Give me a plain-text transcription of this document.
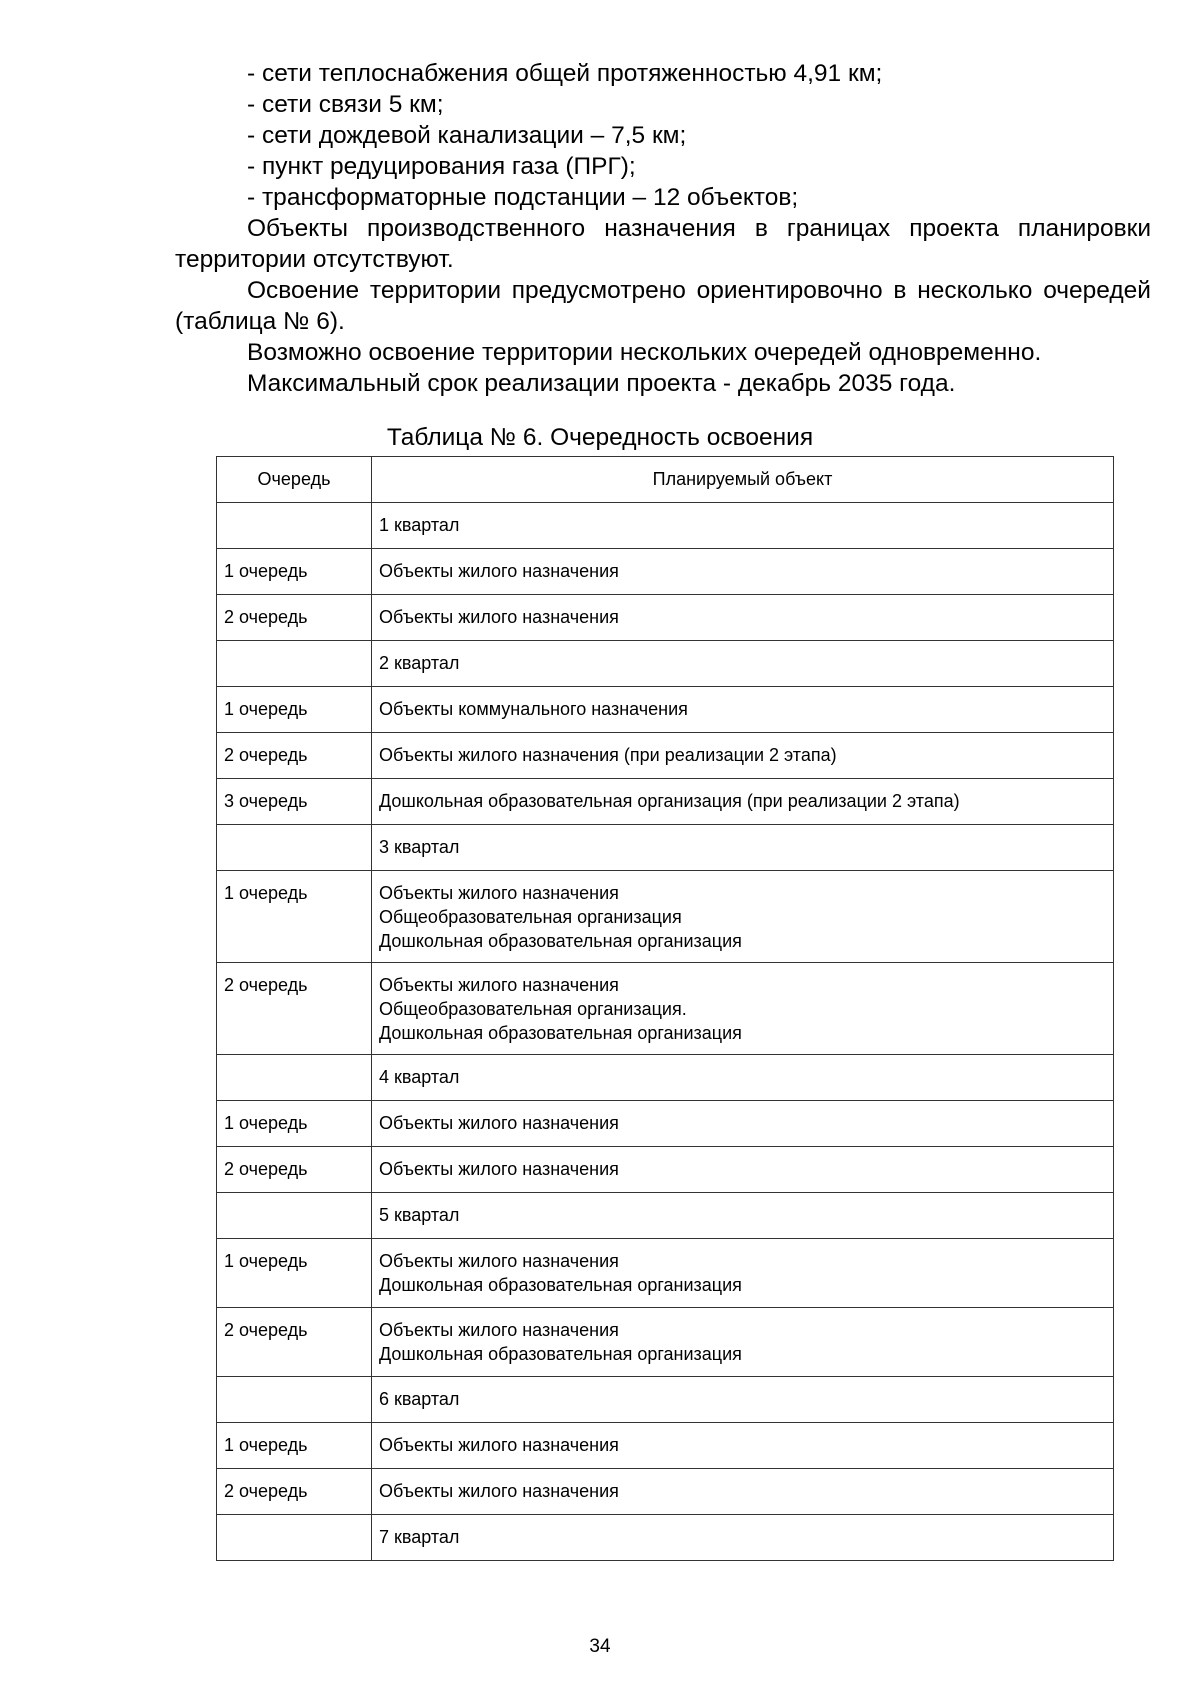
- сети теплоснабжения общей протяженностью 4,91 км;

- сети связи 5 км;

- сети дождевой канализации – 7,5 км;

- пункт редуцирования газа (ПРГ);

- трансформаторные подстанции – 12 объектов;

Объекты производственного назначения в границах проекта планировки территории отсутствуют.

Освоение территории предусмотрено ориентировочно в несколько очередей (таблица № 6).

Возможно освоение территории нескольких очередей одновременно.

Максимальный срок реализации проекта - декабрь 2035 года.

Таблица № 6. Очередность освоения
Очередь	Планируемый объект

	1 квартал

1 очередь	Объекты жилого назначения

2 очередь	Объекты жилого назначения

	2 квартал

1 очередь	Объекты коммунального назначения

2 очередь	Объекты жилого назначения (при реализации 2 этапа)

3 очередь	Дошкольная образовательная организация (при реализации 2 этапа)

	3 квартал

1 очередь	Объекты жилого назначения
Общеобразовательная организация
Дошкольная образовательная организация

2 очередь	Объекты жилого назначения
Общеобразовательная организация.
Дошкольная образовательная организация

	4 квартал

1 очередь	Объекты жилого назначения

2 очередь	Объекты жилого назначения

	5 квартал

1 очередь	Объекты жилого назначения
Дошкольная образовательная организация

2 очередь	Объекты жилого назначения
Дошкольная образовательная организация

	6 квартал

1 очередь	Объекты жилого назначения

2 очередь	Объекты жилого назначения

	7 квартал
34
